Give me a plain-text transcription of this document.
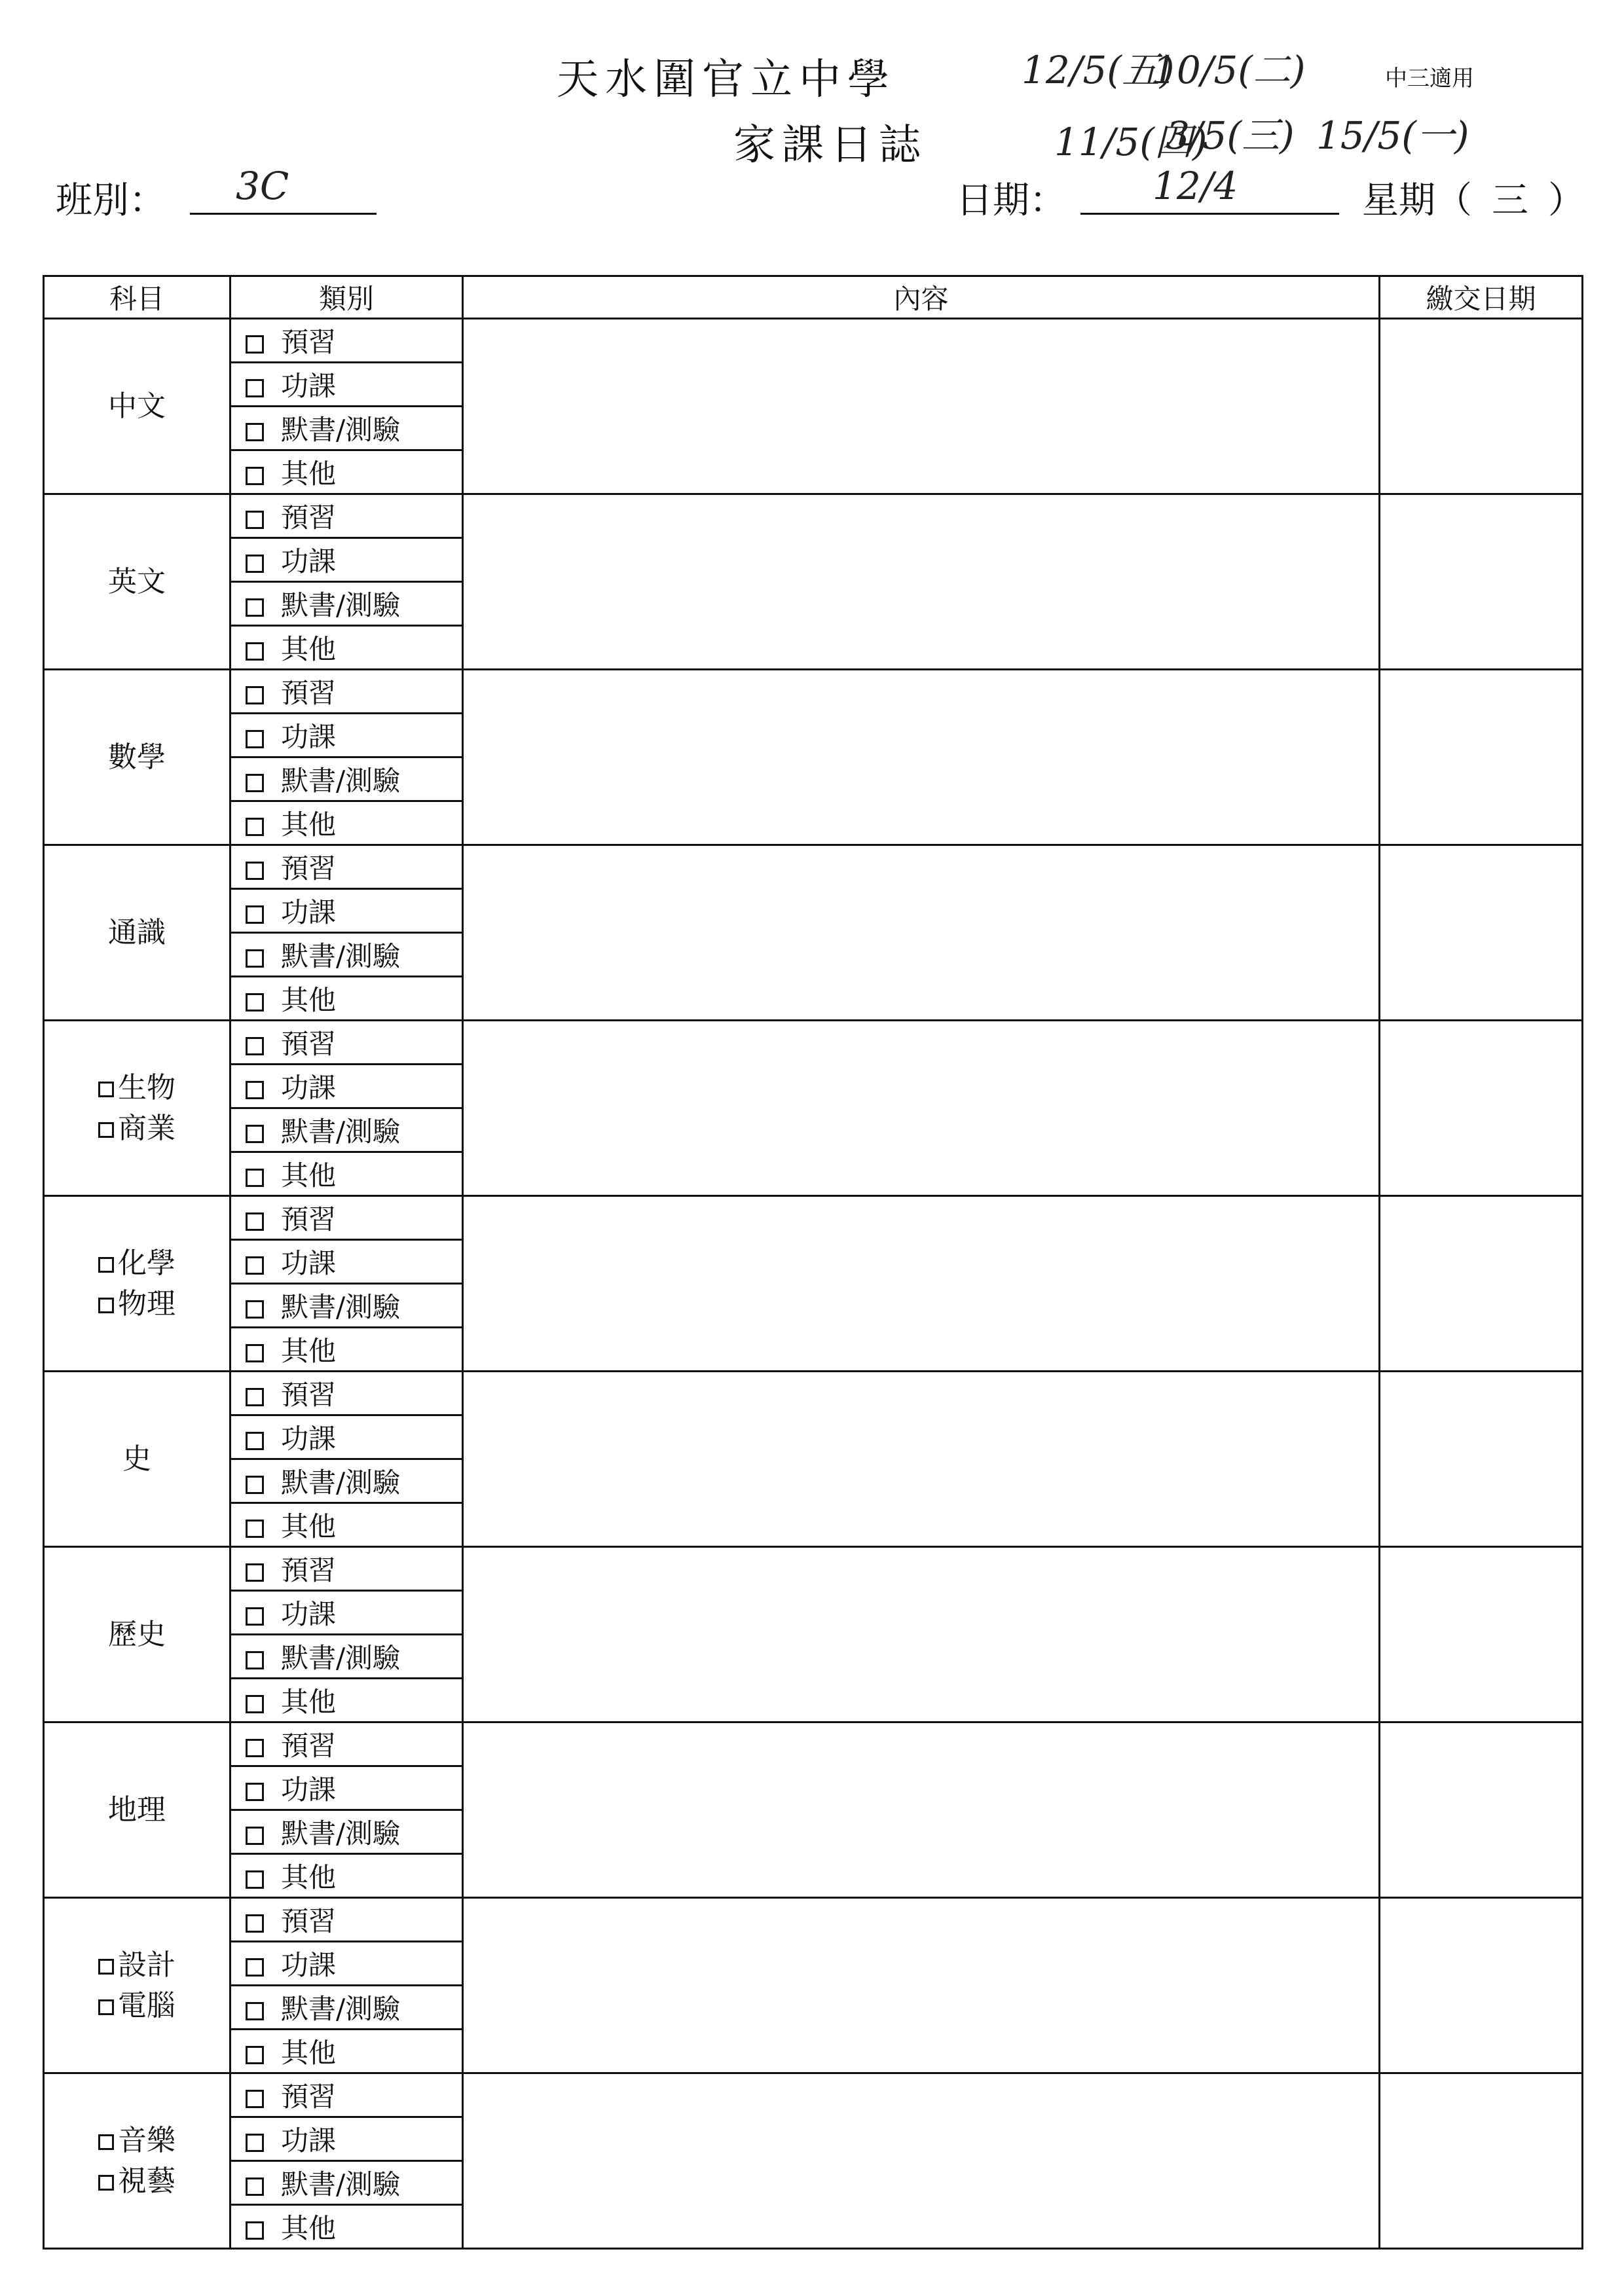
天水圍官立中學
家課日誌
中三適用
12/5(五)
10/5(二)
11/5(四)
3/5(三) 15/5(一)
班別： 3C	日期： 12/4	星期（ 三 ）
科目	類別	內容	繳交日期

中文	預習		
	功課		
	默書/測驗		
	其他		

英文	預習		
	功課		
	默書/測驗		
	其他		

數學	預習		
	功課		
	默書/測驗		
	其他		

通識	預習		
	功課		
	默書/測驗		
	其他		

生物
商業	預習		
	功課		
	默書/測驗		
	其他		

化學
物理	預習		
	功課		
	默書/測驗		
	其他		

史	預習		
	功課		
	默書/測驗		
	其他		

歷史	預習		
	功課		
	默書/測驗		
	其他		

地理	預習		
	功課		
	默書/測驗		
	其他		

設計
電腦	預習		
	功課		
	默書/測驗		
	其他		

音樂
視藝	預習		
	功課		
	默書/測驗		
	其他		
